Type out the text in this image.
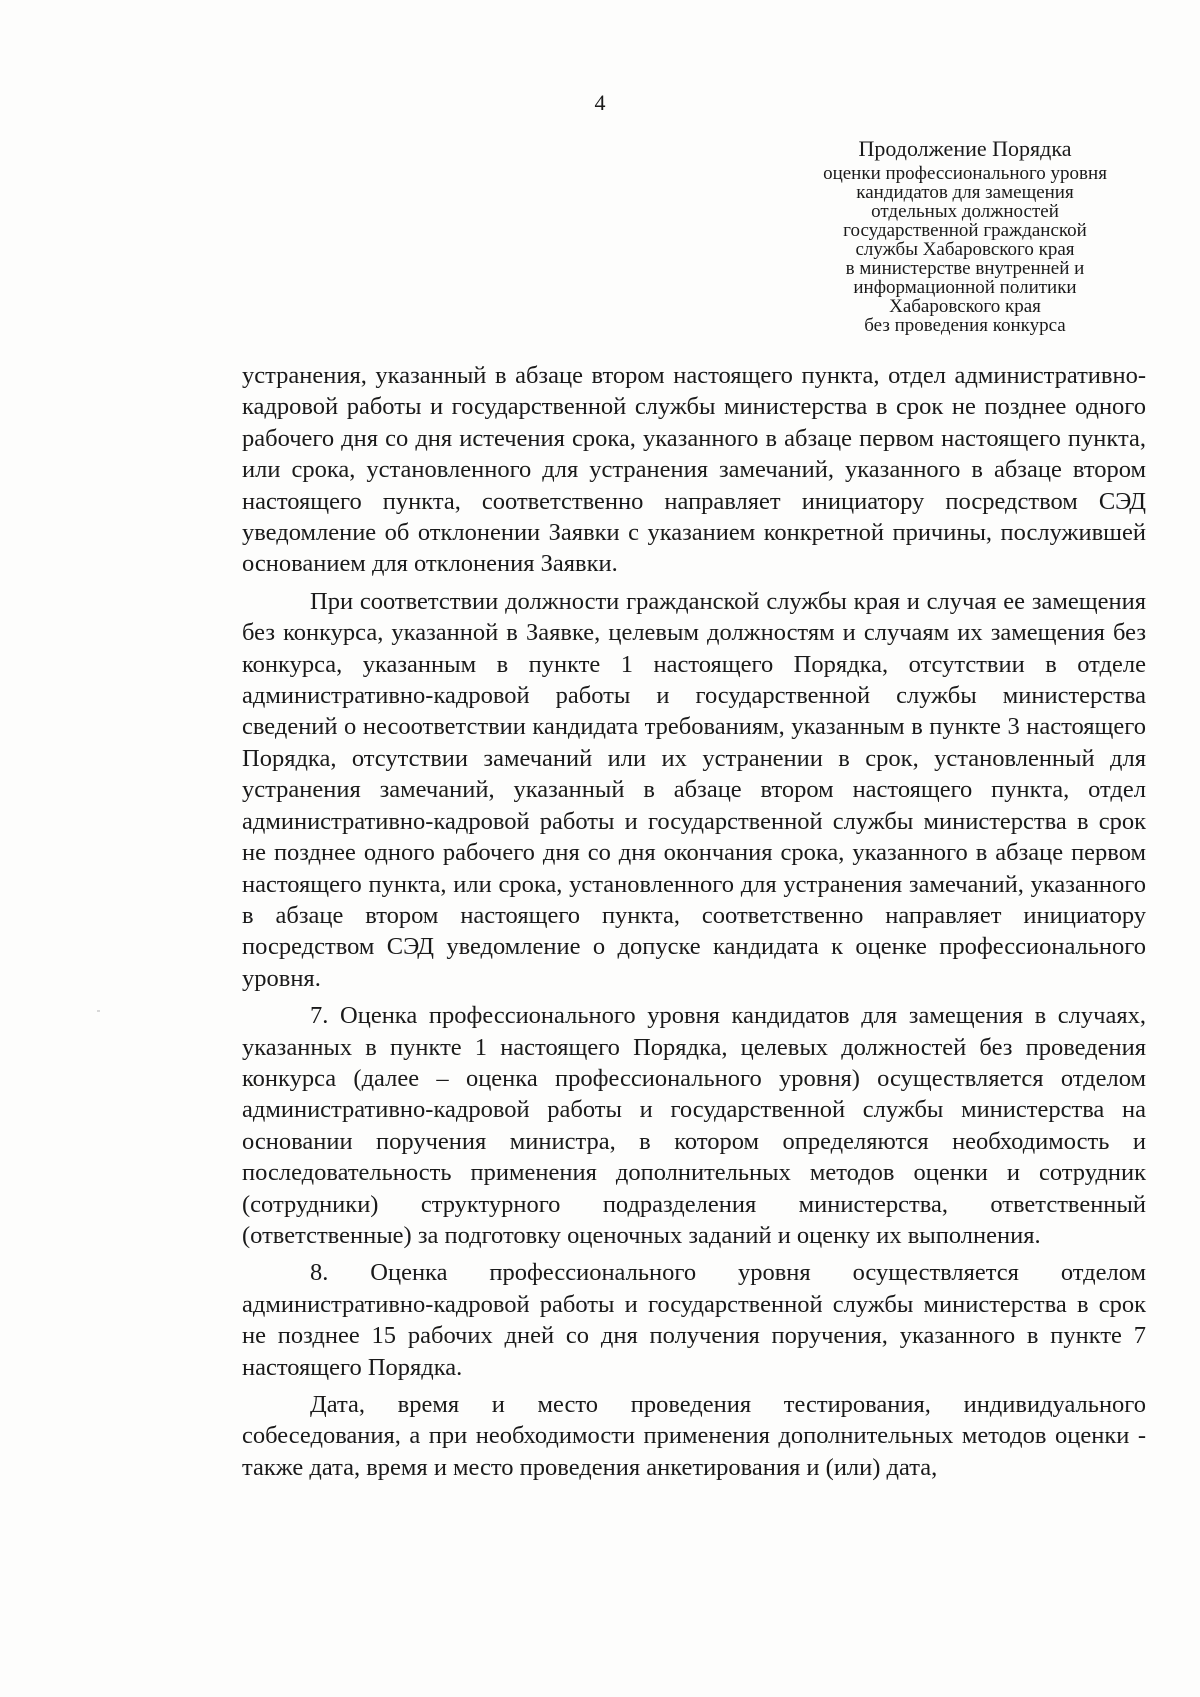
4
Продолжение Порядка
оценки профессионального уровня
кандидатов для замещения
отдельных должностей
государственной гражданской
службы Хабаровского края
в министерстве внутренней и
информационной политики
Хабаровского края
без проведения конкурса

устранения, указанный в абзаце втором настоящего пункта, отдел административно-кадровой работы и государственной службы министерства в срок не позднее одного рабочего дня со дня истечения срока, указанного в абзаце первом настоящего пункта, или срока, установленного для устранения замечаний, указанного в абзаце втором настоящего пункта, соответственно направляет инициатору посредством СЭД уведомление об отклонении Заявки с указанием конкретной причины, послужившей основанием для отклонения Заявки.

При соответствии должности гражданской службы края и случая ее замещения без конкурса, указанной в Заявке, целевым должностям и случаям их замещения без конкурса, указанным в пункте 1 настоящего Порядка, отсутствии в отделе административно-кадровой работы и государственной службы министерства сведений о несоответствии кандидата требованиям, указанным в пункте 3 настоящего Порядка, отсутствии замечаний или их устранении в срок, установленный для устранения замечаний, указанный в абзаце втором настоящего пункта, отдел административно-кадровой работы и государственной службы министерства в срок не позднее одного рабочего дня со дня окончания срока, указанного в абзаце первом настоящего пункта, или срока, установленного для устранения замечаний, указанного в абзаце втором настоящего пункта, соответственно направляет инициатору посредством СЭД уведомление о допуске кандидата к оценке профессионального уровня.

7. Оценка профессионального уровня кандидатов для замещения в случаях, указанных в пункте 1 настоящего Порядка, целевых должностей без проведения конкурса (далее – оценка профессионального уровня) осуществляется отделом административно-кадровой работы и государственной службы министерства на основании поручения министра, в котором определяются необходимость и последовательность применения дополнительных методов оценки и сотрудник (сотрудники) структурного подразделения министерства, ответственный (ответственные) за подготовку оценочных заданий и оценку их выполнения.

8. Оценка профессионального уровня осуществляется отделом административно-кадровой работы и государственной службы министерства в срок не позднее 15 рабочих дней со дня получения поручения, указанного в пункте 7 настоящего Порядка.

Дата, время и место проведения тестирования, индивидуального собеседования, а при необходимости применения дополнительных методов оценки - также дата, время и место проведения анкетирования и (или) дата,
